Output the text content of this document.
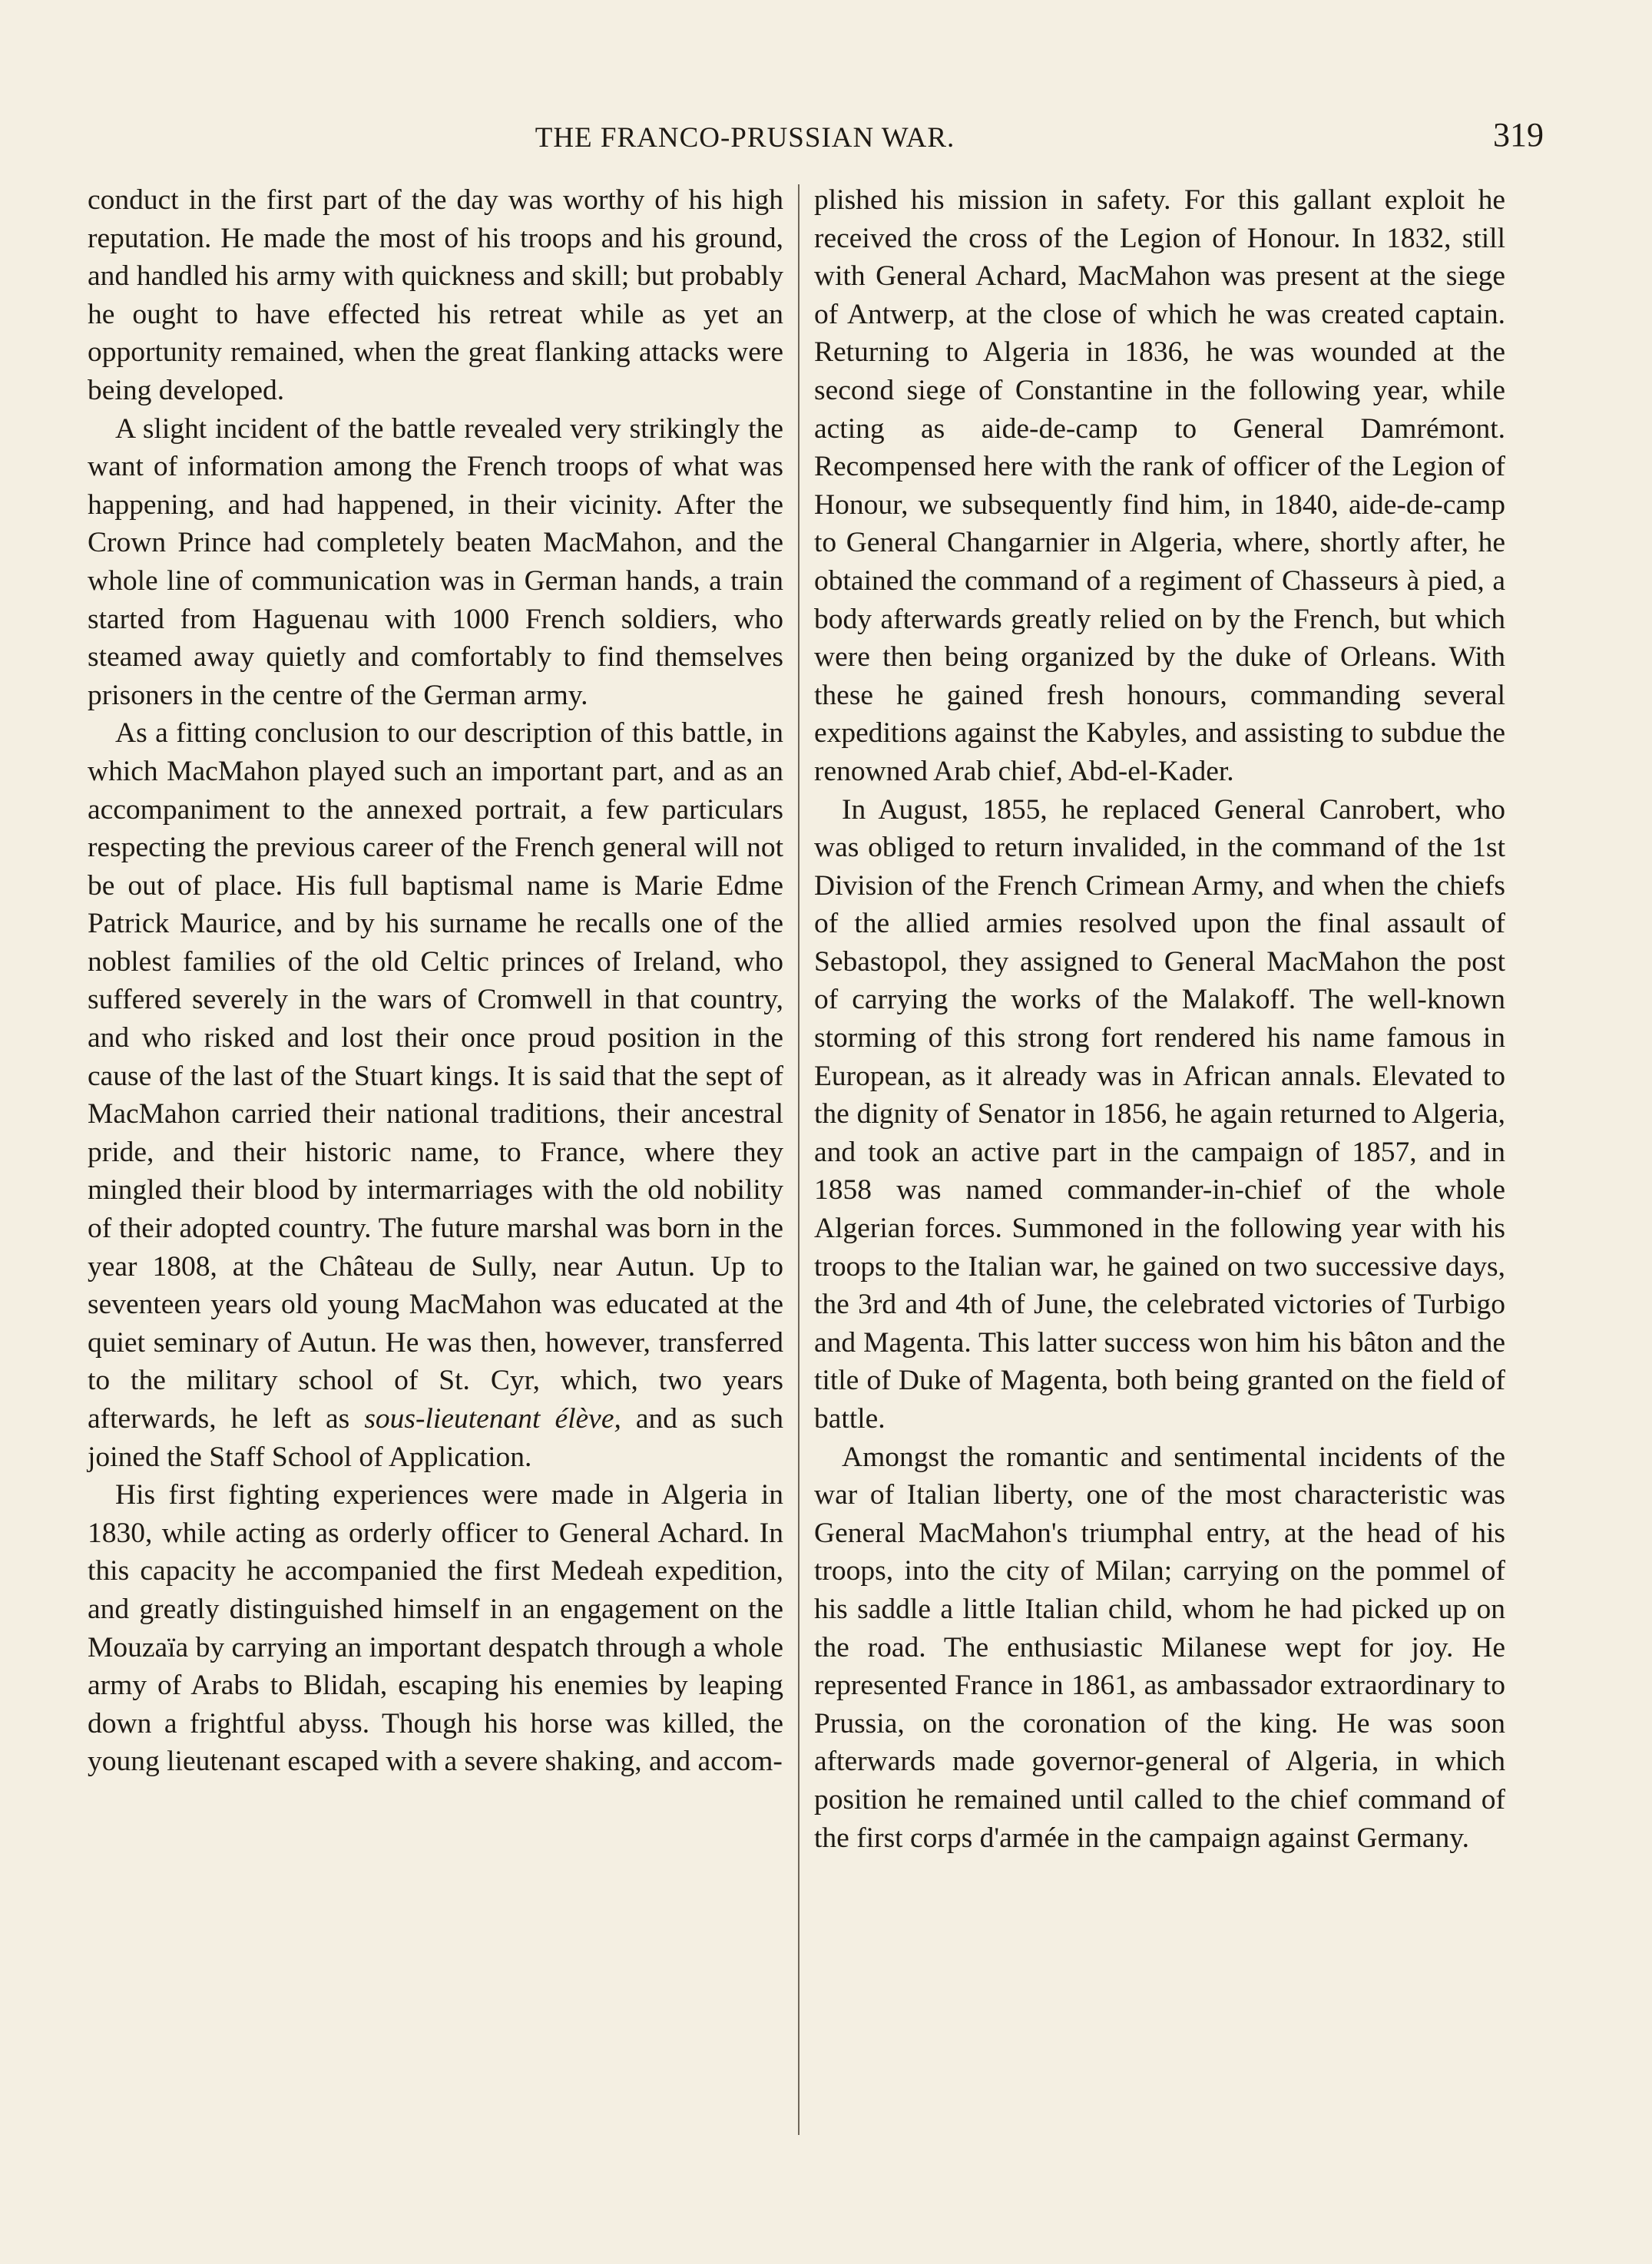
THE FRANCO-PRUSSIAN WAR.	319

conduct in the first part of the day was worthy of his high reputation. He made the most of his troops and his ground, and handled his army with quickness and skill; but probably he ought to have effected his retreat while as yet an opportunity remained, when the great flanking attacks were being developed.

A slight incident of the battle revealed very strikingly the want of information among the French troops of what was happening, and had happened, in their vicinity. After the Crown Prince had completely beaten MacMahon, and the whole line of communication was in German hands, a train started from Haguenau with 1000 French soldiers, who steamed away quietly and comfortably to find themselves prisoners in the centre of the German army.

As a fitting conclusion to our description of this battle, in which MacMahon played such an important part, and as an accompaniment to the annexed portrait, a few particulars respecting the previous career of the French general will not be out of place. His full baptismal name is Marie Edme Patrick Maurice, and by his surname he recalls one of the noblest families of the old Celtic princes of Ireland, who suffered severely in the wars of Cromwell in that country, and who risked and lost their once proud position in the cause of the last of the Stuart kings. It is said that the sept of MacMahon carried their national traditions, their ancestral pride, and their historic name, to France, where they mingled their blood by intermarriages with the old nobility of their adopted country. The future marshal was born in the year 1808, at the Château de Sully, near Autun. Up to seventeen years old young MacMahon was educated at the quiet seminary of Autun. He was then, however, transferred to the military school of St. Cyr, which, two years afterwards, he left as sous-lieutenant élève, and as such joined the Staff School of Application.

His first fighting experiences were made in Algeria in 1830, while acting as orderly officer to General Achard. In this capacity he accompanied the first Medeah expedition, and greatly distinguished himself in an engagement on the Mouzaïa by carrying an important despatch through a whole army of Arabs to Blidah, escaping his enemies by leaping down a frightful abyss. Though his horse was killed, the young lieutenant escaped with a severe shaking, and accom-

plished his mission in safety. For this gallant exploit he received the cross of the Legion of Honour. In 1832, still with General Achard, MacMahon was present at the siege of Antwerp, at the close of which he was created captain. Returning to Algeria in 1836, he was wounded at the second siege of Constantine in the following year, while acting as aide-de-camp to General Damrémont. Recompensed here with the rank of officer of the Legion of Honour, we subsequently find him, in 1840, aide-de-camp to General Changarnier in Algeria, where, shortly after, he obtained the command of a regiment of Chasseurs à pied, a body afterwards greatly relied on by the French, but which were then being organized by the duke of Orleans. With these he gained fresh honours, commanding several expeditions against the Kabyles, and assisting to subdue the renowned Arab chief, Abd-el-Kader.

In August, 1855, he replaced General Canrobert, who was obliged to return invalided, in the command of the 1st Division of the French Crimean Army, and when the chiefs of the allied armies resolved upon the final assault of Sebastopol, they assigned to General MacMahon the post of carrying the works of the Malakoff. The well-known storming of this strong fort rendered his name famous in European, as it already was in African annals. Elevated to the dignity of Senator in 1856, he again returned to Algeria, and took an active part in the campaign of 1857, and in 1858 was named commander-in-chief of the whole Algerian forces. Summoned in the following year with his troops to the Italian war, he gained on two successive days, the 3rd and 4th of June, the celebrated victories of Turbigo and Magenta. This latter success won him his bâton and the title of Duke of Magenta, both being granted on the field of battle.

Amongst the romantic and sentimental incidents of the war of Italian liberty, one of the most characteristic was General MacMahon's triumphal entry, at the head of his troops, into the city of Milan; carrying on the pommel of his saddle a little Italian child, whom he had picked up on the road. The enthusiastic Milanese wept for joy. He represented France in 1861, as ambassador extraordinary to Prussia, on the coronation of the king. He was soon afterwards made governor-general of Algeria, in which position he remained until called to the chief command of the first corps d'armée in the campaign against Germany.
